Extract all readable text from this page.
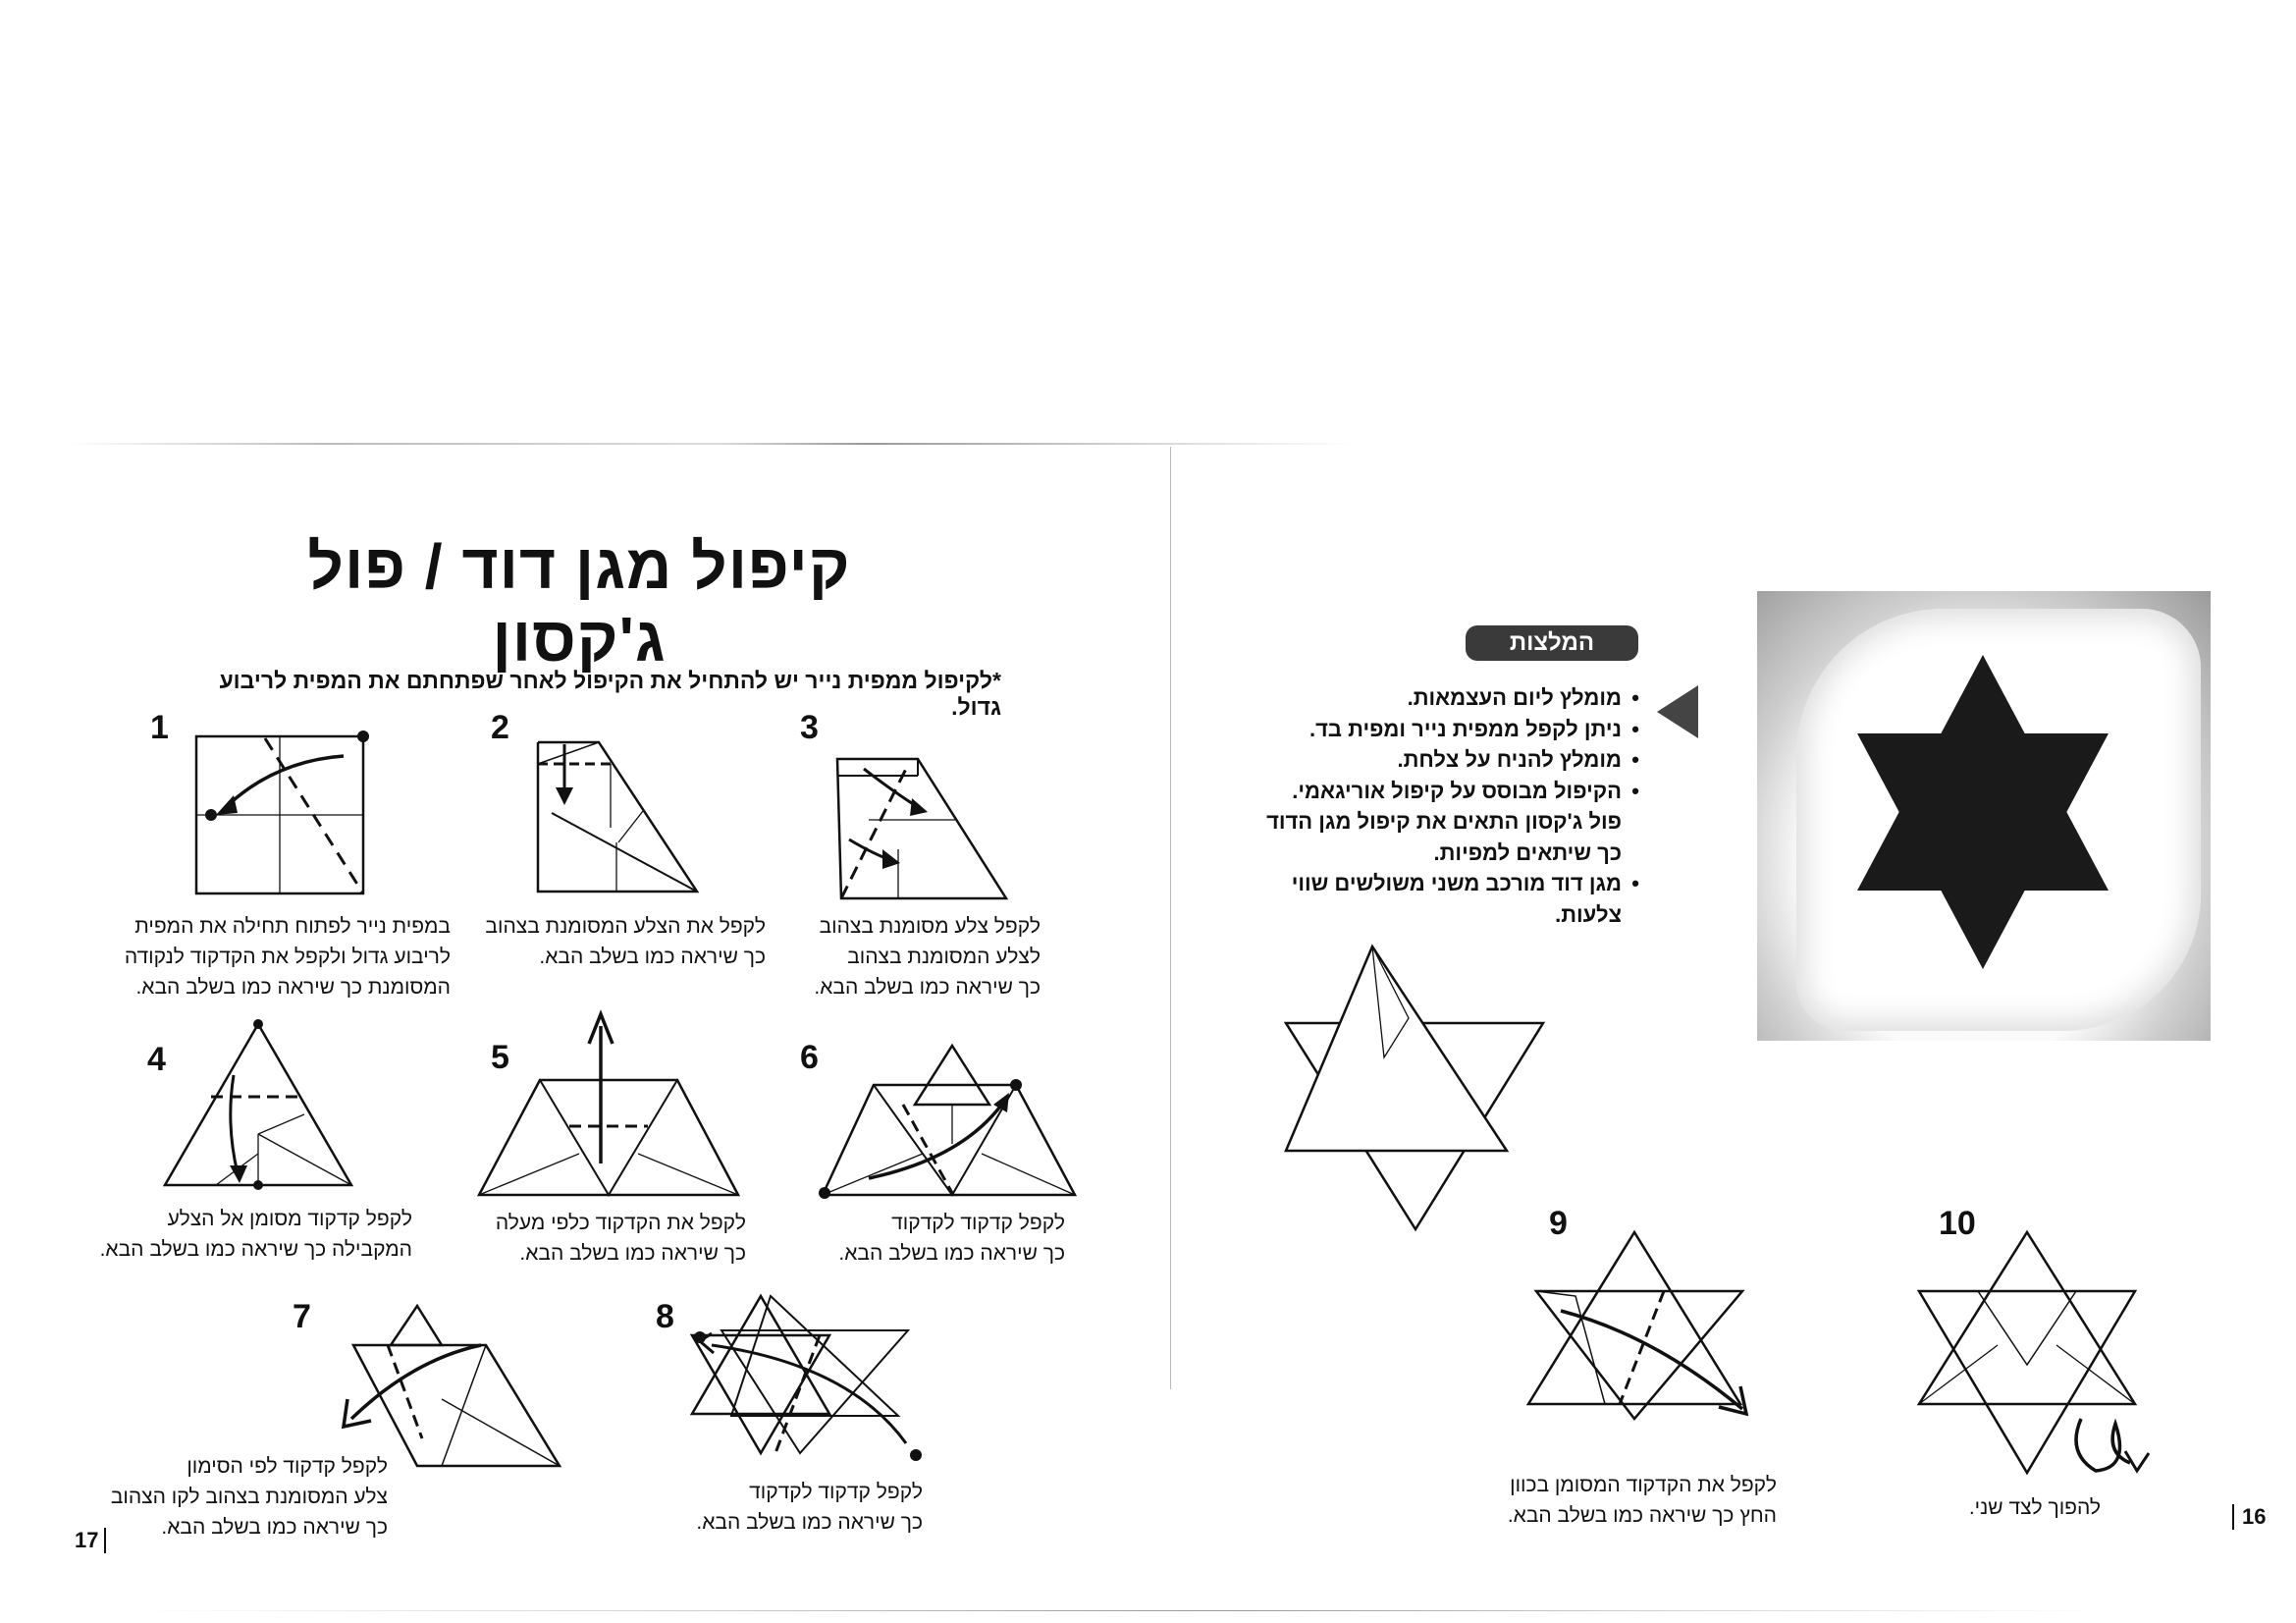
קיפול מגן דוד / פול ג'קסון
*לקיפול ממפית נייר יש להתחיל את הקיפול לאחר שפתחתם את המפית לריבוע גדול.
1	2	3
4	5	6
7	8
במפית נייר לפתוח תחילה את המפית
לריבוע גדול ולקפל את הקדקוד לנקודה
המסומנת כך שיראה כמו בשלב הבא.
לקפל את הצלע המסומנת בצהוב
כך שיראה כמו בשלב הבא.
לקפל צלע מסומנת בצהוב
לצלע המסומנת בצהוב
כך שיראה כמו בשלב הבא.
לקפל קדקוד מסומן אל הצלע
המקבילה כך שיראה כמו בשלב הבא.
לקפל את הקדקוד כלפי מעלה
כך שיראה כמו בשלב הבא.
לקפל קדקוד לקדקוד
כך שיראה כמו בשלב הבא.
לקפל קדקוד לפי הסימון
צלע המסומנת בצהוב לקו הצהוב
כך שיראה כמו בשלב הבא.
לקפל קדקוד לקדקוד
כך שיראה כמו בשלב הבא.
17
המלצות
• מומלץ ליום העצמאות.
• ניתן לקפל ממפית נייר ומפית בד.
• מומלץ להניח על צלחת.
• הקיפול מבוסס על קיפול אוריגאמי. פול ג'קסון התאים את קיפול מגן הדוד כך שיתאים למפיות.
• מגן דוד מורכב משני משולשים שווי צלעות.
9
לקפל את הקדקוד המסומן בכוון
החץ כך שיראה כמו בשלב הבא.
10
להפוך לצד שני.	16
